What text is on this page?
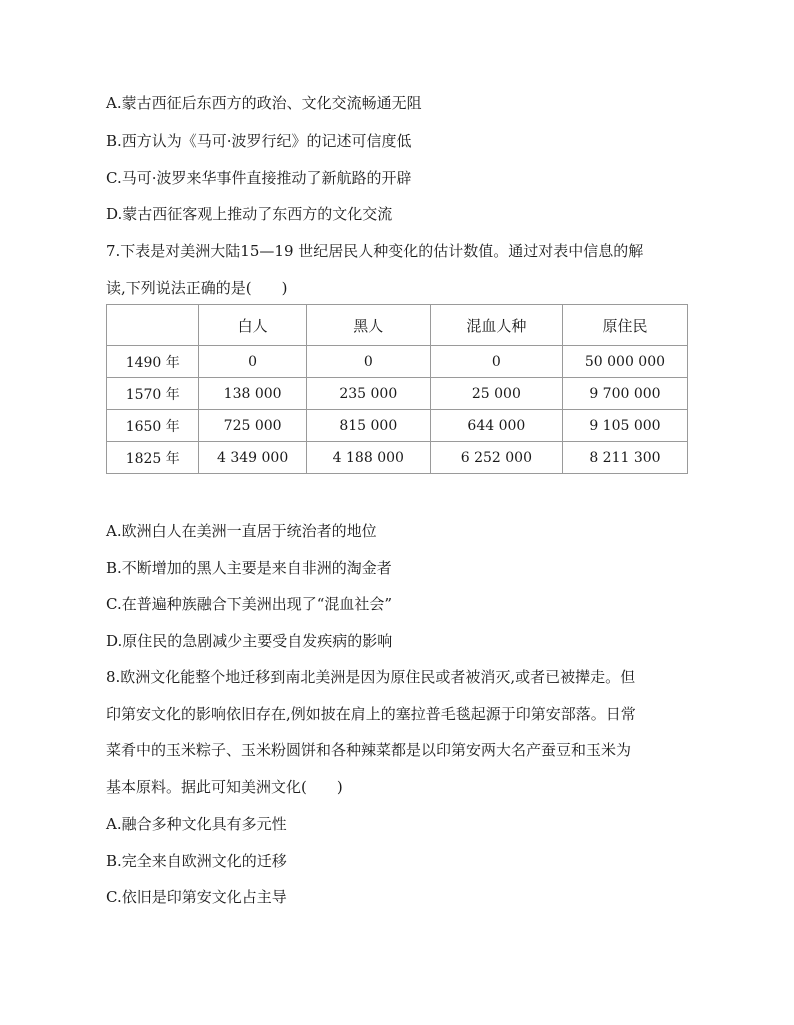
A.蒙古西征后东西方的政治、文化交流畅通无阻
B.西方认为《马可·波罗行纪》的记述可信度低
C.马可·波罗来华事件直接推动了新航路的开辟
D.蒙古西征客观上推动了东西方的文化交流
7.下表是对美洲大陆15—19 世纪居民人种变化的估计数值。通过对表中信息的解
读,下列说法正确的是(　　)
	白人	黑人	混血人种	原住民
1490 年	0	0	0	50 000 000
1570 年	138 000	235 000	25 000	9 700 000
1650 年	725 000	815 000	644 000	9 105 000
1825 年	4 349 000	4 188 000	6 252 000	8 211 300
A.欧洲白人在美洲一直居于统治者的地位
B.不断增加的黑人主要是来自非洲的淘金者
C.在普遍种族融合下美洲出现了“混血社会”
D.原住民的急剧减少主要受自发疾病的影响
8.欧洲文化能整个地迁移到南北美洲是因为原住民或者被消灭,或者已被撵走。但
印第安文化的影响依旧存在,例如披在肩上的塞拉普毛毯起源于印第安部落。日常
菜肴中的玉米粽子、玉米粉圆饼和各种辣菜都是以印第安两大名产蚕豆和玉米为
基本原料。据此可知美洲文化(　　)
A.融合多种文化具有多元性
B.完全来自欧洲文化的迁移
C.依旧是印第安文化占主导
